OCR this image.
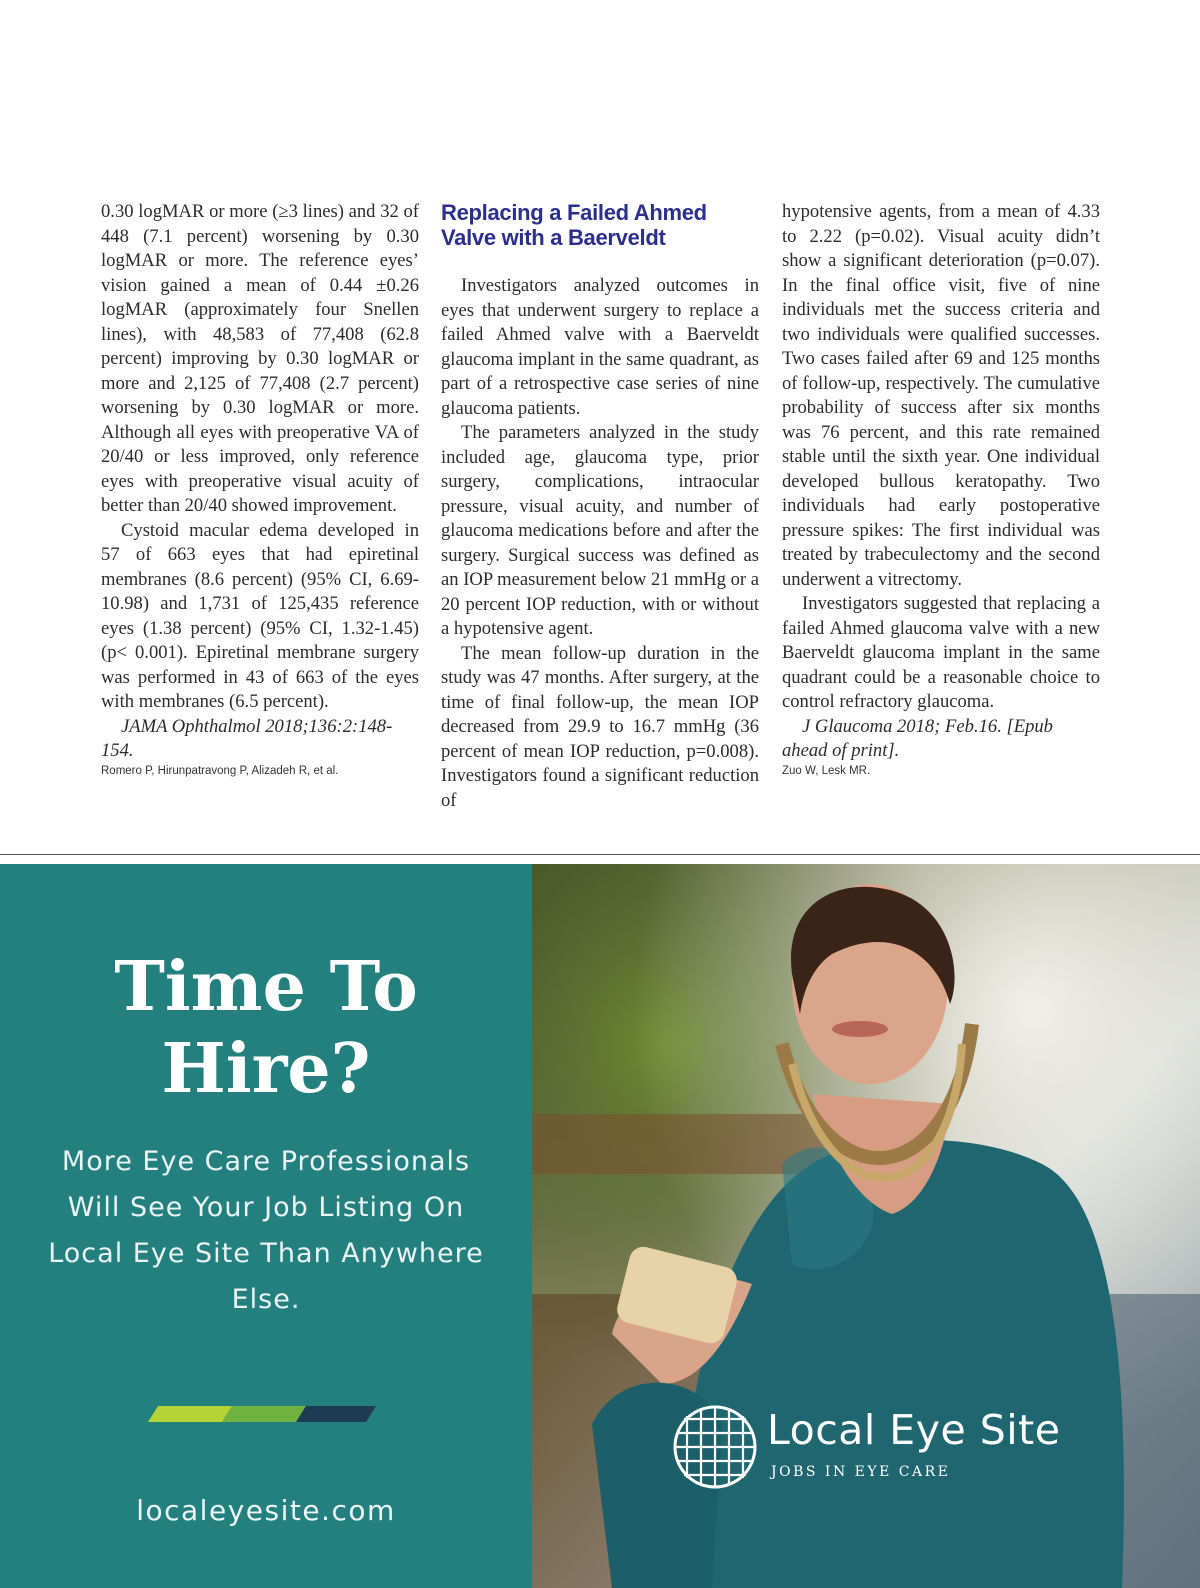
0.30 logMAR or more (≥3 lines) and 32 of 448 (7.1 percent) worsening by 0.30 logMAR or more. The reference eyes’ vision gained a mean of 0.44 ±0.26 logMAR (approximately four Snellen lines), with 48,583 of 77,408 (62.8 percent) improving by 0.30 logMAR or more and 2,125 of 77,408 (2.7 percent) worsening by 0.30 logMAR or more. Although all eyes with preoperative VA of 20/40 or less improved, only reference eyes with preoperative visual acuity of better than 20/40 showed improvement.

Cystoid macular edema developed in 57 of 663 eyes that had epiretinal membranes (8.6 percent) (95% CI, 6.69-10.98) and 1,731 of 125,435 reference eyes (1.38 percent) (95% CI, 1.32-1.45) (p< 0.001). Epiretinal membrane surgery was performed in 43 of 663 of the eyes with membranes (6.5 percent).

JAMA Ophthalmol 2018;136:2:148-154.

Romero P, Hirunpatravong P, Alizadeh R, et al.

Replacing a Failed Ahmed Valve with a Baerveldt

Investigators analyzed outcomes in eyes that underwent surgery to replace a failed Ahmed valve with a Baerveldt glaucoma implant in the same quadrant, as part of a retrospective case series of nine glaucoma patients.

The parameters analyzed in the study included age, glaucoma type, prior surgery, complications, intraocular pressure, visual acuity, and number of glaucoma medications before and after the surgery. Surgical success was defined as an IOP measurement below 21 mmHg or a 20 percent IOP reduction, with or without a hypotensive agent.

The mean follow-up duration in the study was 47 months. After surgery, at the time of final follow-up, the mean IOP decreased from 29.9 to 16.7 mmHg (36 percent of mean IOP reduction, p=0.008). Investigators found a significant reduction of

hypotensive agents, from a mean of 4.33 to 2.22 (p=0.02). Visual acuity didn’t show a significant deterioration (p=0.07). In the final office visit, five of nine individuals met the success criteria and two individuals were qualified successes. Two cases failed after 69 and 125 months of follow-up, respectively. The cumulative probability of success after six months was 76 percent, and this rate remained stable until the sixth year. One individual developed bullous keratopathy. Two individuals had early postoperative pressure spikes: The first individual was treated by trabeculectomy and the second underwent a vitrectomy.

Investigators suggested that replacing a failed Ahmed glaucoma valve with a new Baerveldt glaucoma implant in the same quadrant could be a reasonable choice to control refractory glaucoma.

J Glaucoma 2018; Feb.16. [Epub ahead of print].

Zuo W, Lesk MR.

Time To
Hire?

More Eye Care Professionals Will See Your Job Listing On Local Eye Site Than Anywhere Else.

localeyesite.com

Local Eye Site

JOBS IN EYE CARE
